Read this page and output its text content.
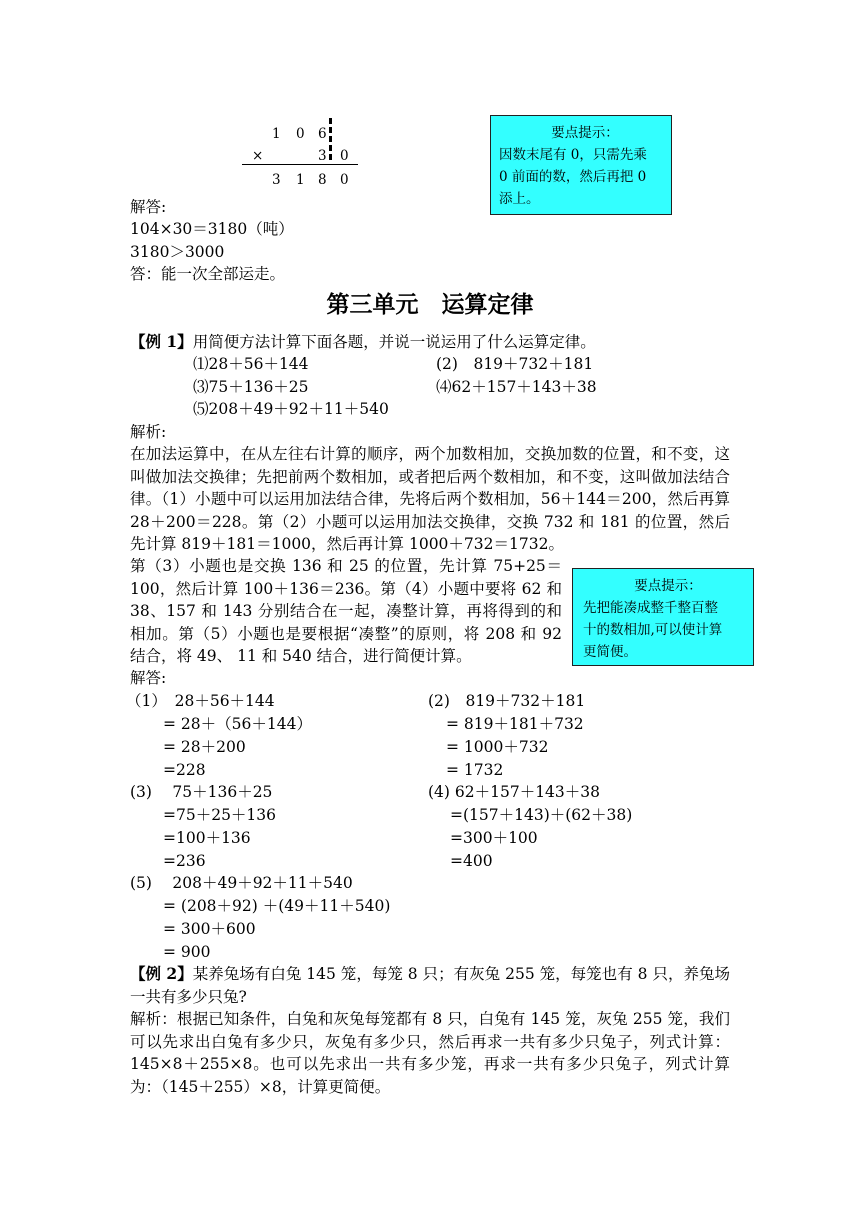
1 0 6
×	3 0
3 1 8 0
要点提示：
因数末尾有 0，只需先乘
0 前面的数，然后再把 0
添上。
解答:
104×30＝3180（吨）
3180＞3000
答：能一次全部运走。
第三单元　运算定律
【例 1】用简便方法计算下面各题，并说一说运用了什么运算定律。
⑴28＋56＋144	(2)　819＋732＋181
⑶75＋136＋25	⑷62＋157＋143＋38
⑸208＋49＋92＋11＋540
解析:
在加法运算中，在从左往右计算的顺序，两个加数相加，交换加数的位置，和不变，这叫做加法交换律；先把前两个数相加，或者把后两个数相加，和不变，这叫做加法结合律。（1）小题中可以运用加法结合律，先将后两个数相加，56＋144＝200，然后再算 28＋200＝228。第（2）小题可以运用加法交换律，交换 732 和 181 的位置，然后先计算 819＋181＝1000，然后再计算 1000＋732＝1732。
第（3）小题也是交换 136 和 25 的位置，先计算 75+25＝100，然后计算 100＋136＝236。第（4）小题中要将 62 和 38、157 和 143 分别结合在一起，凑整计算，再将得到的和相加。第（5）小题也是要根据“凑整”的原则，将 208 和 92 结合，将 49、 11 和 540 结合，进行简便计算。
要点提示：
先把能凑成整千整百整
十的数相加,可以使计算
更简便。
解答:
（1）　28＋56＋144
= 28＋（56＋144）
= 28＋200
=228
(2)　819＋732＋181
= 819＋181＋732
= 1000＋732
= 1732
(3)　 75＋136＋25
=75＋25＋136
=100＋136
=236
(4) 62＋157＋143＋38
=(157＋143)＋(62＋38)
=300＋100
=400
(5)　 208＋49＋92＋11＋540
= (208＋92) ＋(49＋11＋540)
= 300＋600
= 900
【例 2】某养兔场有白兔 145 笼，每笼 8 只；有灰兔 255 笼，每笼也有 8 只，养兔场一共有多少只兔?
解析：根据已知条件，白兔和灰兔每笼都有 8 只，白兔有 145 笼，灰兔 255 笼，我们可以先求出白兔有多少只，灰兔有多少只，然后再求一共有多少只兔子，列式计算：145×8＋255×8。也可以先求出一共有多少笼，再求一共有多少只兔子，列式计算为：（145＋255）×8，计算更简便。
